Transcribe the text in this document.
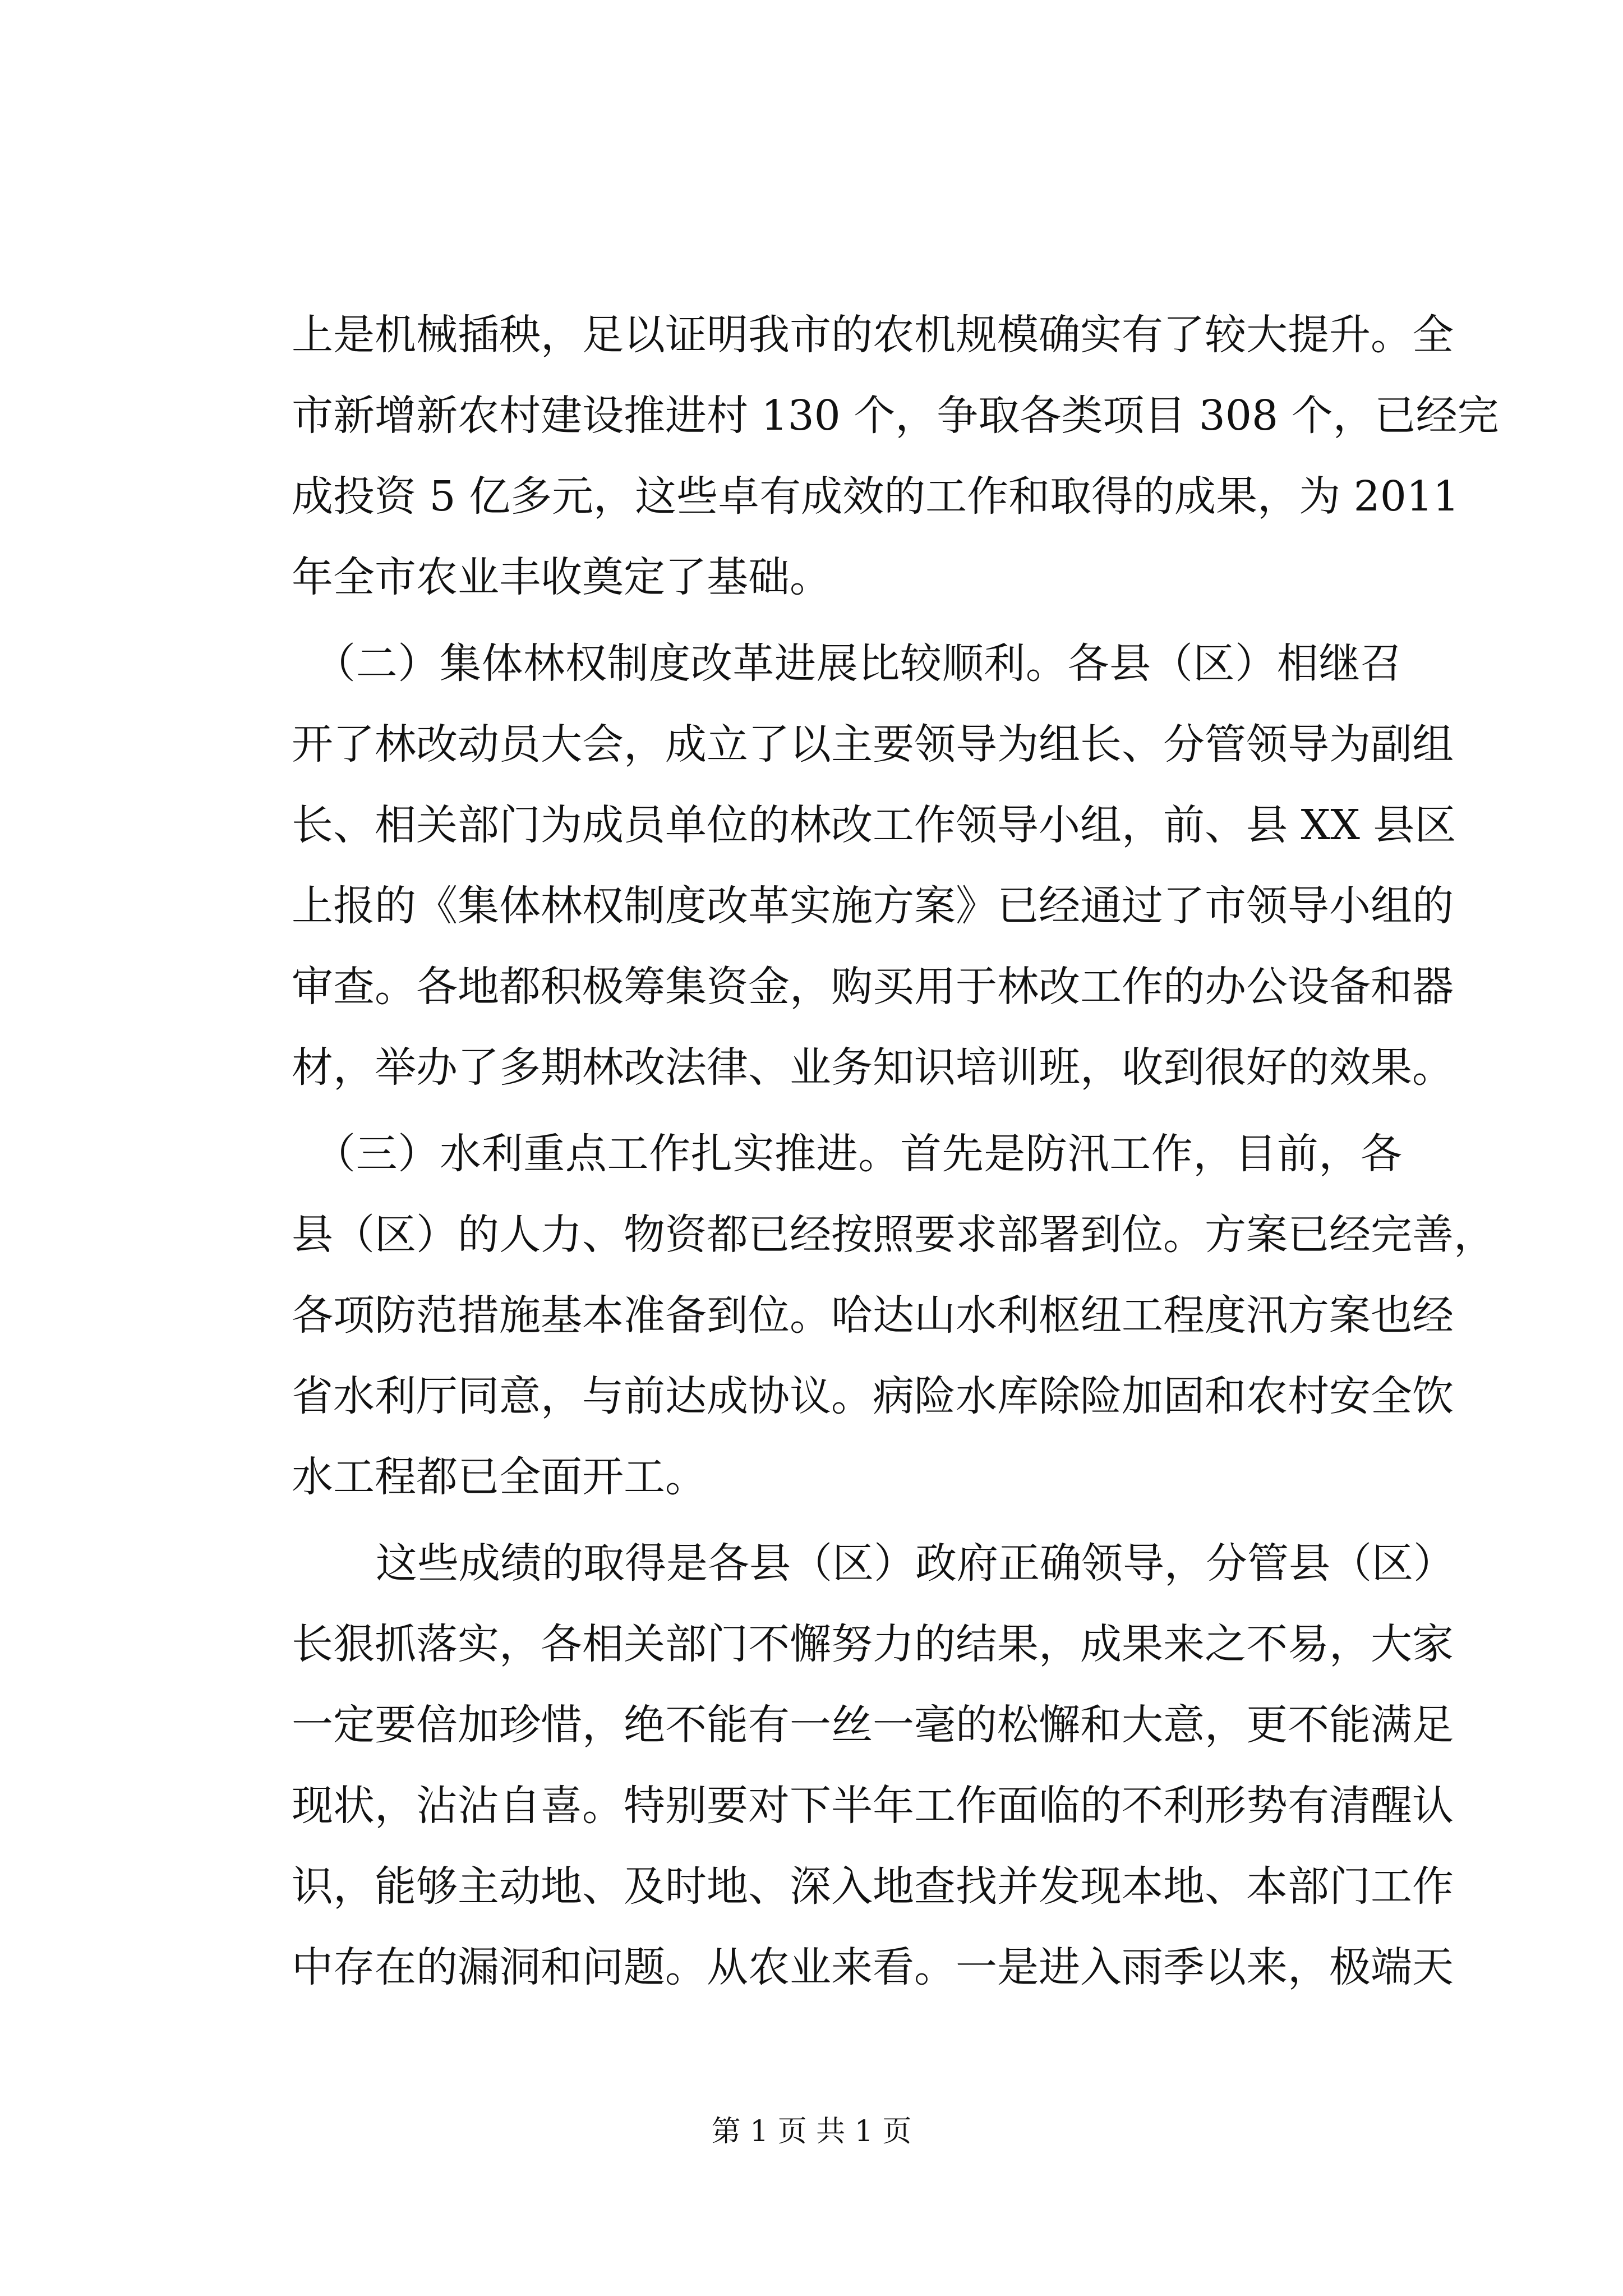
上是机械插秧，足以证明我市的农机规模确实有了较大提升。全
市新增新农村建设推进村 130 个，争取各类项目 308 个，已经完
成投资 5 亿多元，这些卓有成效的工作和取得的成果，为 2011
年全市农业丰收奠定了基础。
（二）集体林权制度改革进展比较顺利。各县（区）相继召
开了林改动员大会，成立了以主要领导为组长、分管领导为副组
长、相关部门为成员单位的林改工作领导小组，前、县 XX 县区
上报的《集体林权制度改革实施方案》已经通过了市领导小组的
审查。各地都积极筹集资金，购买用于林改工作的办公设备和器
材，举办了多期林改法律、业务知识培训班，收到很好的效果。
（三）水利重点工作扎实推进。首先是防汛工作，目前，各
县（区）的人力、物资都已经按照要求部署到位。方案已经完善，
各项防范措施基本准备到位。哈达山水利枢纽工程度汛方案也经
省水利厅同意，与前达成协议。病险水库除险加固和农村安全饮
水工程都已全面开工。
这些成绩的取得是各县（区）政府正确领导，分管县（区）
长狠抓落实，各相关部门不懈努力的结果，成果来之不易，大家
一定要倍加珍惜，绝不能有一丝一毫的松懈和大意，更不能满足
现状，沾沾自喜。特别要对下半年工作面临的不利形势有清醒认
识，能够主动地、及时地、深入地查找并发现本地、本部门工作
中存在的漏洞和问题。从农业来看。一是进入雨季以来，极端天
第 1 页 共 1 页
